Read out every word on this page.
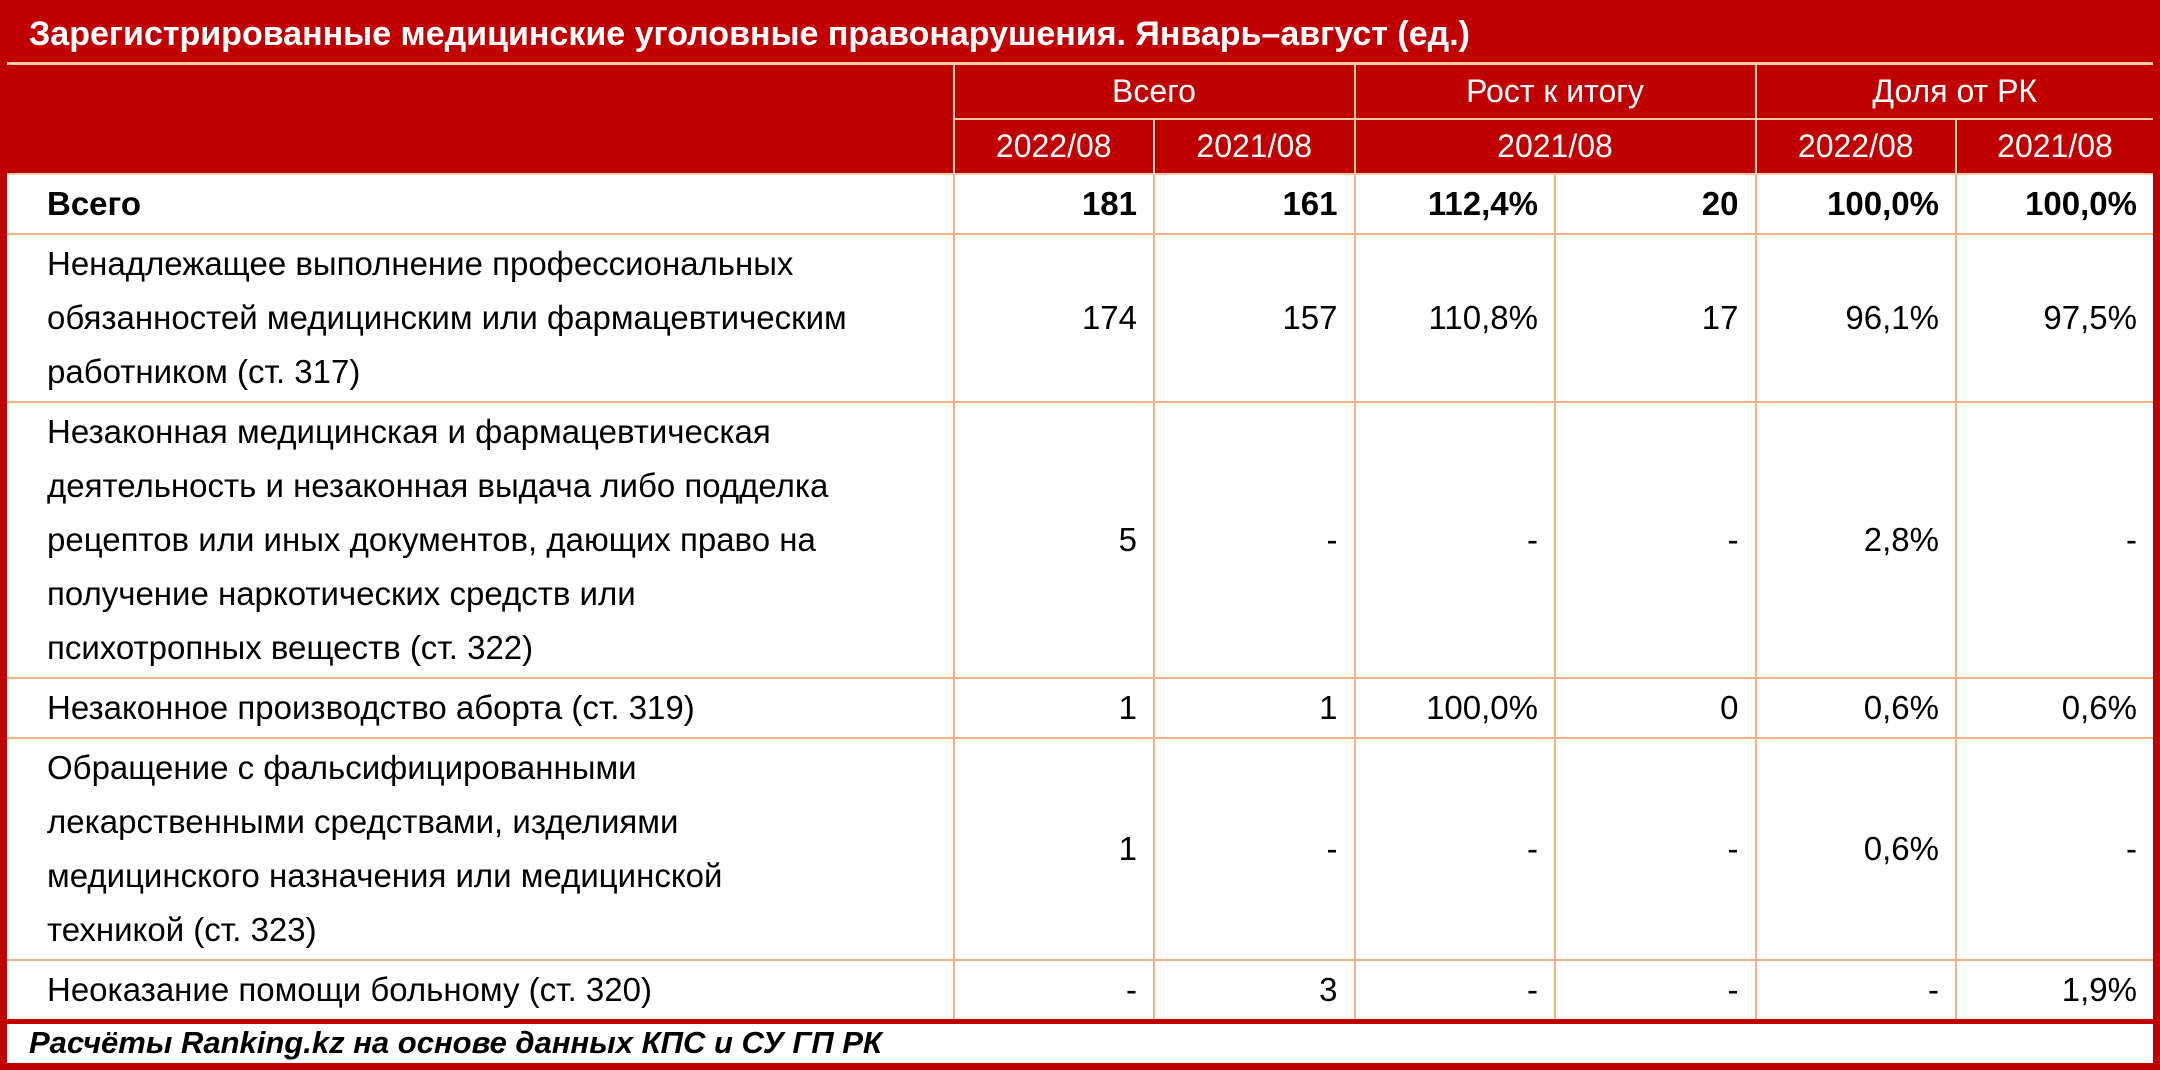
Зарегистрированные медицинские уголовные правонарушения. Январь–август (ед.)						
	Всего		Рост к итогу		Доля от РК	
	2022/08	2021/08	2021/08		2022/08	2021/08
Всего	181	161	112,4%	20	100,0%	100,0%
Ненадлежащее выполнение профессиональных обязанностей медицинским или фармацевтическим работником (ст. 317)	174	157	110,8%	17	96,1%	97,5%
Незаконная медицинская и фармацевтическая деятельность и незаконная выдача либо подделка рецептов или иных документов, дающих право на получение наркотических средств или психотропных веществ (ст. 322)	5	-	-	-	2,8%	-
Незаконное производство аборта (ст. 319)	1	1	100,0%	0	0,6%	0,6%
Обращение с фальсифицированными лекарственными средствами, изделиями медицинского назначения или медицинской техникой (ст. 323)	1	-	-	-	0,6%	-
Неоказание помощи больному (ст. 320)	-	3	-	-	-	1,9%
Расчёты Ranking.kz на основе данных КПС и СУ ГП РК						
